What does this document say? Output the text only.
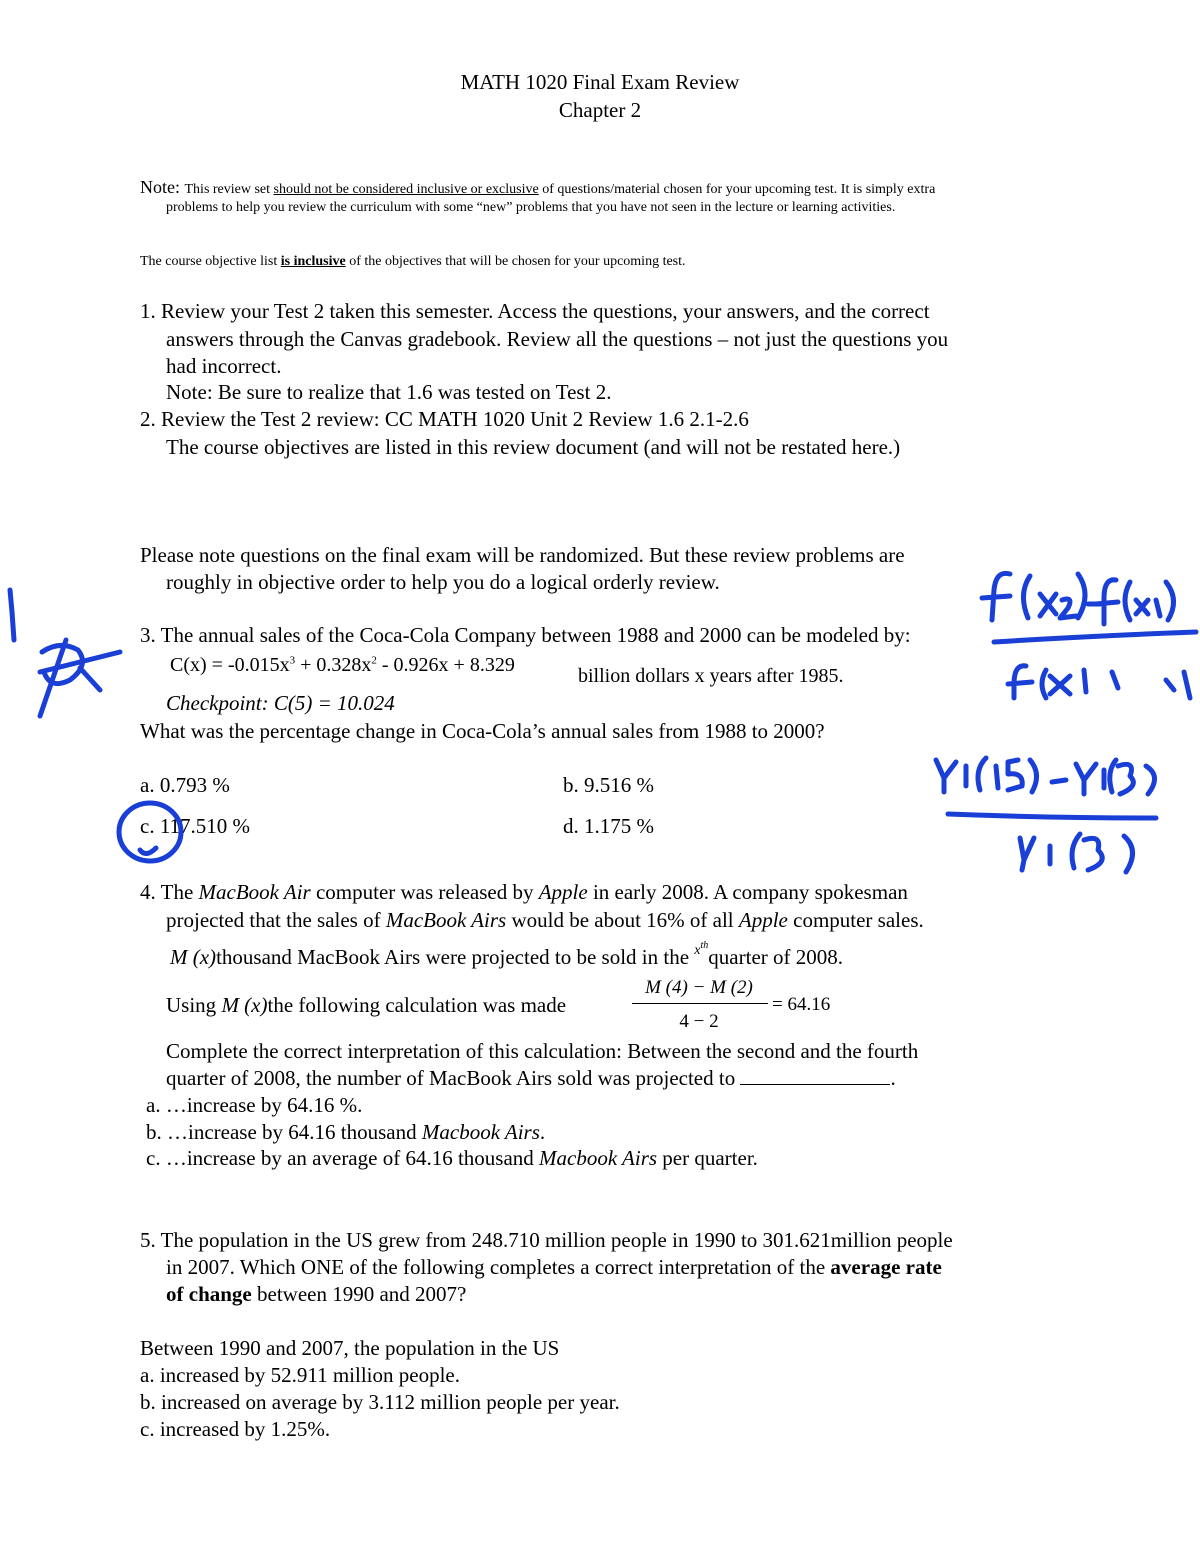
MATH 1020 Final Exam Review
Chapter 2
Note: This review set should not be considered inclusive or exclusive of questions/material chosen for your upcoming test. It is simply extra
problems to help you review the curriculum with some “new” problems that you have not seen in the lecture or learning activities.
The course objective list is inclusive of the objectives that will be chosen for your upcoming test.
1. Review your Test 2 taken this semester. Access the questions, your answers, and the correct
answers through the Canvas gradebook. Review all the questions – not just the questions you
had incorrect.
Note: Be sure to realize that 1.6 was tested on Test 2.
2. Review the Test 2 review: CC MATH 1020 Unit 2 Review 1.6 2.1-2.6
The course objectives are listed in this review document (and will not be restated here.)
Please note questions on the final exam will be randomized. But these review problems are
roughly in objective order to help you do a logical orderly review.
3. The annual sales of the Coca-Cola Company between 1988 and 2000 can be modeled by:
$C(x) = -0.015x^3 + 0.328x^2 - 0.926x + 8.329$	billion dollars x years after 1985.
Checkpoint: C(5) = 10.024
What was the percentage change in Coca-Cola’s annual sales from 1988 to 2000?
a. 0.793 %	b. 9.516 %
c. 117.510 %	d. 1.175 %
4. The MacBook Air computer was released by Apple in early 2008. A company spokesman
projected that the sales of MacBook Airs would be about 16% of all Apple computer sales.
M (x)thousand MacBook Airs were projected to be sold in the $^{xth}$quarter of 2008.
Using M (x)the following calculation was made
M (4) − M (2)
4 − 2
= 64.16
Complete the correct interpretation of this calculation: Between the second and the fourth
quarter of 2008, the number of MacBook Airs sold was projected to	.
a. …increase by 64.16 %.
b. …increase by 64.16 thousand Macbook Airs.
c. …increase by an average of 64.16 thousand Macbook Airs per quarter.
5. The population in the US grew from 248.710 million people in 1990 to 301.621million people
in 2007. Which ONE of the following completes a correct interpretation of the average rate
of change between 1990 and 2007?
Between 1990 and 2007, the population in the US
a. increased by 52.911 million people.
b. increased on average by 3.112 million people per year.
c. increased by 1.25%.
